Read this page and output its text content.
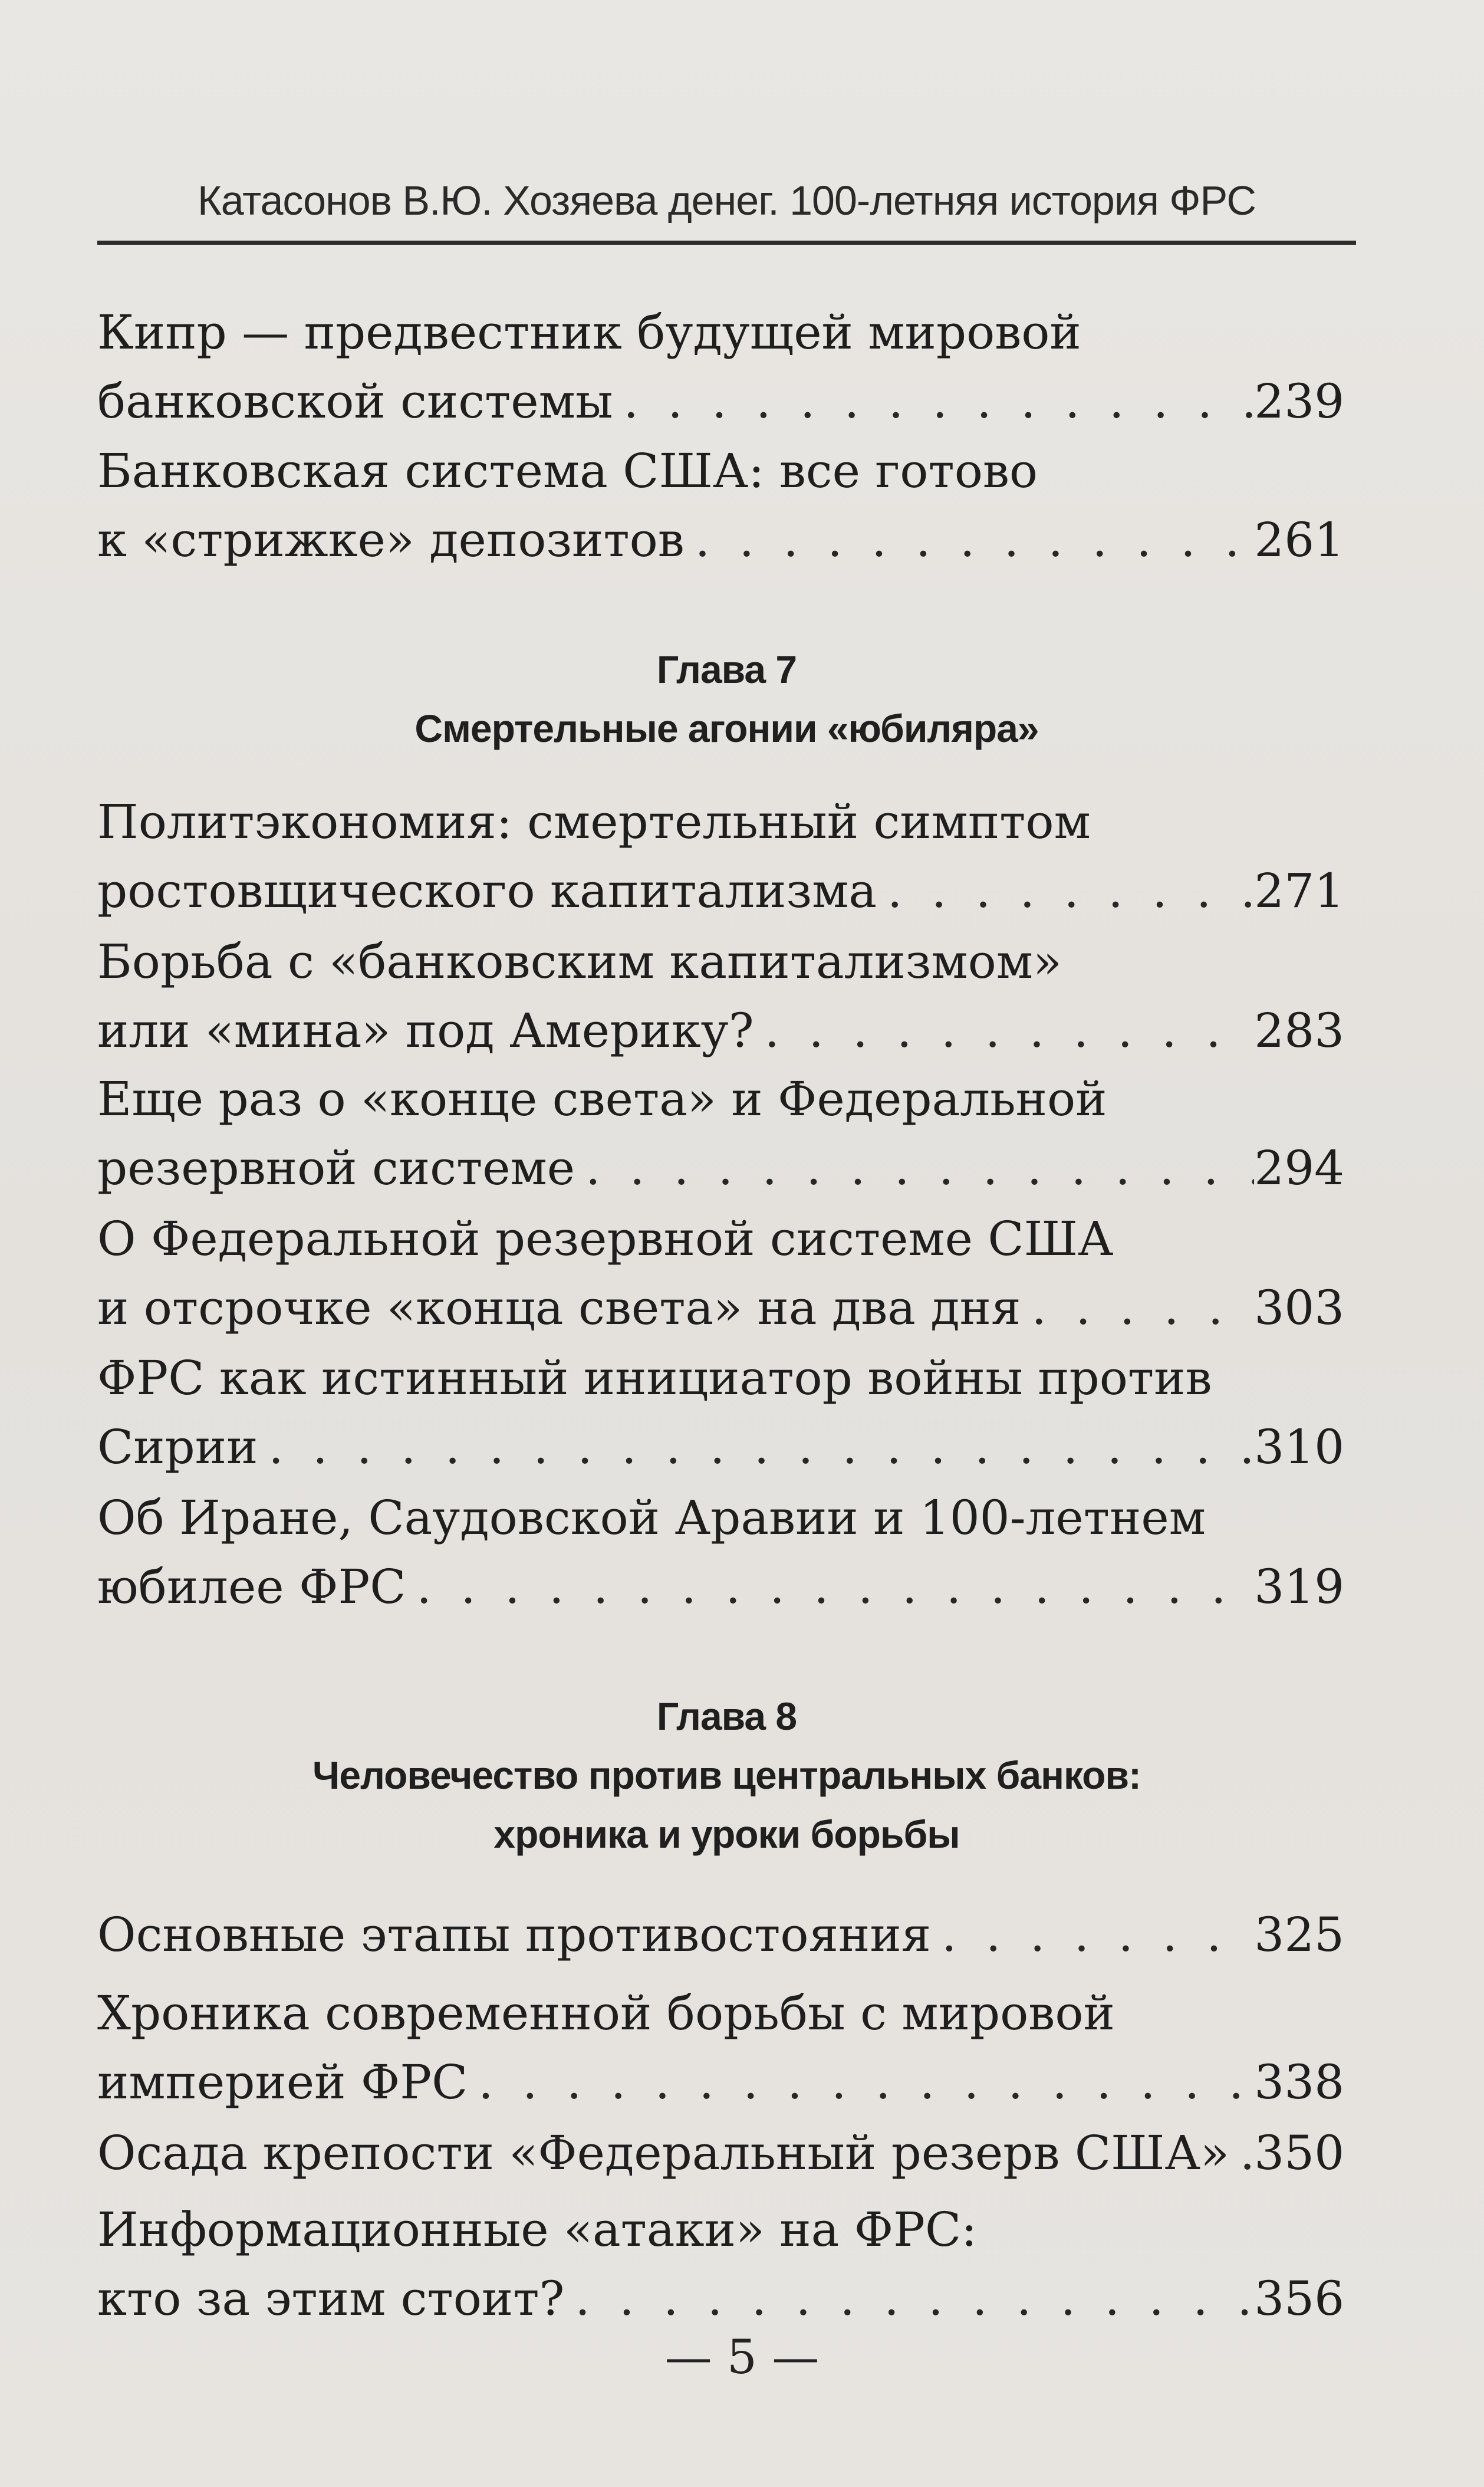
Катасонов В.Ю. Хозяева денег. 100-летняя история ФРС
Кипр — предвестник будущей мировой
банковской системы . . .	239
Банковская система США: все готово
к «стрижке» депозитов . . .	261
Глава 7
Смертельные агонии «юбиляра»
Политэкономия: смертельный симптом
ростовщического капитализма . . .	271
Борьба с «банковским капитализмом»
или «мина» под Америку? . . .	283
Еще раз о «конце света» и Федеральной
резервной системе . . .	294
О Федеральной резервной системе США
и отсрочке «конца света» на два дня . . .	303
ФРС как истинный инициатор войны против
Сирии . . .	310
Об Иране, Саудовской Аравии и 100-летнем
юбилее ФРС . . .	319
Глава 8
Человечество против центральных банков:
хроника и уроки борьбы
Основные этапы противостояния . . .	325
Хроника современной борьбы с мировой
империей ФРС . . .	338
Осада крепости «Федеральный резерв США» . . . 350
Информационные «атаки» на ФРС:
кто за этим стоит? . . .	356
— 5 —
